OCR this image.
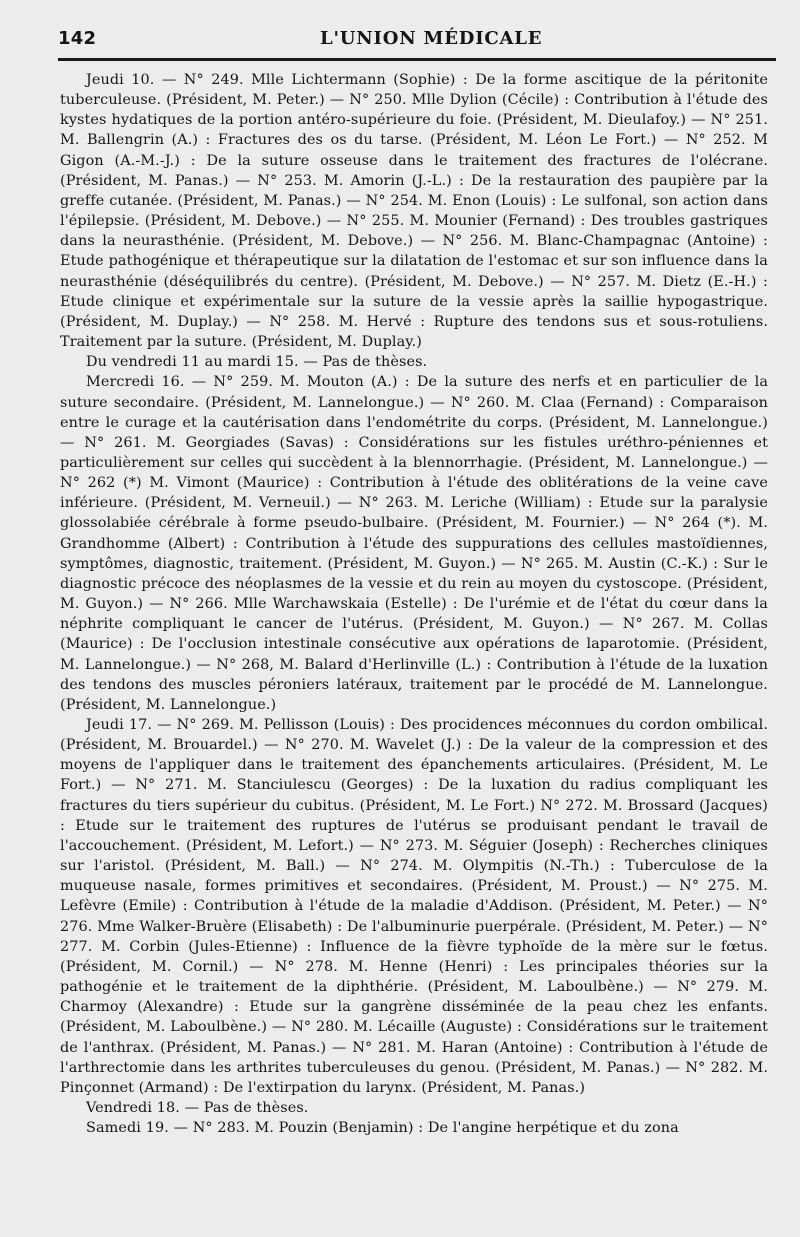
142	L'UNION MÉDICALE

Jeudi 10. — N° 249. Mlle Lichtermann (Sophie) : De la forme ascitique de la péritonite tuberculeuse. (Président, M. Peter.) — N° 250. Mlle Dylion (Cécile) : Contribution à l'étude des kystes hydatiques de la portion antéro-supérieure du foie. (Président, M. Dieulafoy.) — N° 251. M. Ballengrin (A.) : Fractures des os du tarse. (Président, M. Léon Le Fort.) — N° 252. M Gigon (A.-M.-J.) : De la suture osseuse dans le traitement des fractures de l'olécrane. (Président, M. Panas.) — N° 253. M. Amorin (J.-L.) : De la restauration des paupière par la greffe cutanée. (Président, M. Panas.) — N° 254. M. Enon (Louis) : Le sulfonal, son action dans l'épilepsie. (Président, M. Debove.) — N° 255. M. Mounier (Fernand) : Des troubles gastriques dans la neurasthénie. (Président, M. Debove.) — N° 256. M. Blanc-Champagnac (Antoine) : Etude pathogénique et thérapeutique sur la dilatation de l'estomac et sur son influence dans la neurasthénie (déséquilibrés du centre). (Président, M. Debove.) — N° 257. M. Dietz (E.-H.) : Etude clinique et expérimentale sur la suture de la vessie après la saillie hypogastrique. (Président, M. Duplay.) — N° 258. M. Hervé : Rupture des tendons sus et sous-rotuliens. Traitement par la suture. (Président, M. Duplay.)

Du vendredi 11 au mardi 15. — Pas de thèses.

Mercredi 16. — N° 259. M. Mouton (A.) : De la suture des nerfs et en particulier de la suture secondaire. (Président, M. Lannelongue.) — N° 260. M. Claa (Fernand) : Comparaison entre le curage et la cautérisation dans l'endométrite du corps. (Président, M. Lannelongue.) — N° 261. M. Georgiades (Savas) : Considérations sur les fistules uréthro-péniennes et particulièrement sur celles qui succèdent à la blennorrhagie. (Président, M. Lannelongue.) — N° 262 (*) M. Vimont (Maurice) : Contribution à l'étude des oblitérations de la veine cave inférieure. (Président, M. Verneuil.) — N° 263. M. Leriche (William) : Etude sur la paralysie glossolabiée cérébrale à forme pseudo-bulbaire. (Président, M. Fournier.) — N° 264 (*). M. Grandhomme (Albert) : Contribution à l'étude des suppurations des cellules mastoïdiennes, symptômes, diagnostic, traitement. (Président, M. Guyon.) — N° 265. M. Austin (C.-K.) : Sur le diagnostic précoce des néoplasmes de la vessie et du rein au moyen du cystoscope. (Président, M. Guyon.) — N° 266. Mlle Warchawskaia (Estelle) : De l'urémie et de l'état du cœur dans la néphrite compliquant le cancer de l'utérus. (Président, M. Guyon.) — N° 267. M. Collas (Maurice) : De l'occlusion intestinale consécutive aux opérations de laparotomie. (Président, M. Lannelongue.) — N° 268, M. Balard d'Herlinville (L.) : Contribution à l'étude de la luxation des tendons des muscles péroniers latéraux, traitement par le procédé de M. Lannelongue. (Président, M. Lannelongue.)

Jeudi 17. — N° 269. M. Pellisson (Louis) : Des procidences méconnues du cordon ombilical. (Président, M. Brouardel.) — N° 270. M. Wavelet (J.) : De la valeur de la compression et des moyens de l'appliquer dans le traitement des épanchements articulaires. (Président, M. Le Fort.) — N° 271. M. Stanciulescu (Georges) : De la luxation du radius compliquant les fractures du tiers supérieur du cubitus. (Président, M. Le Fort.) N° 272. M. Brossard (Jacques) : Etude sur le traitement des ruptures de l'utérus se produisant pendant le travail de l'accouchement. (Président, M. Lefort.) — N° 273. M. Séguier (Joseph) : Recherches cliniques sur l'aristol. (Président, M. Ball.) — N° 274. M. Olympitis (N.-Th.) : Tuberculose de la muqueuse nasale, formes primitives et secondaires. (Président, M. Proust.) — N° 275. M. Lefèvre (Emile) : Contribution à l'étude de la maladie d'Addison. (Président, M. Peter.) — N° 276. Mme Walker-Bruère (Elisabeth) : De l'albuminurie puerpérale. (Président, M. Peter.) — N° 277. M. Corbin (Jules-Etienne) : Influence de la fièvre typhoïde de la mère sur le fœtus. (Président, M. Cornil.) — N° 278. M. Henne (Henri) : Les principales théories sur la pathogénie et le traitement de la diphthérie. (Président, M. Laboulbène.) — N° 279. M. Charmoy (Alexandre) : Etude sur la gangrène disséminée de la peau chez les enfants. (Président, M. Laboulbène.) — N° 280. M. Lécaille (Auguste) : Considérations sur le traitement de l'anthrax. (Président, M. Panas.) — N° 281. M. Haran (Antoine) : Contribution à l'étude de l'arthrectomie dans les arthrites tuberculeuses du genou. (Président, M. Panas.) — N° 282. M. Pinçonnet (Armand) : De l'extirpation du larynx. (Président, M. Panas.)

Vendredi 18. — Pas de thèses.

Samedi 19. — N° 283. M. Pouzin (Benjamin) : De l'angine herpétique et du zona
